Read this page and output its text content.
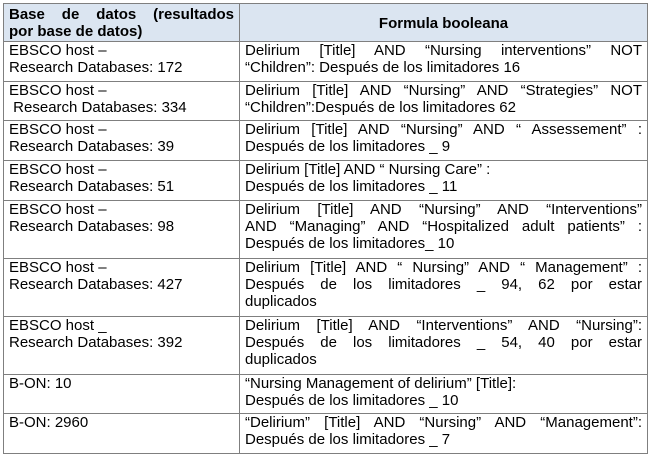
Base de datos (resultados
por base de datos)	Formula booleana

EBSCO host –
Research Databases: 172	Delirium [Title] AND “Nursing interventions” NOT
“Children”: Después de los limitadores 16

EBSCO host –
Research Databases: 334	Delirium [Title] AND “Nursing” AND “Strategies” NOT
“Children”:Después de los limitadores 62

EBSCO host –
Research Databases: 39	Delirium [Title] AND “Nursing” AND “ Assessement” :
Después de los limitadores _ 9

EBSCO host –
Research Databases: 51	Delirium [Title] AND “ Nursing Care” :
Después de los limitadores _ 11

EBSCO host –
Research Databases: 98	Delirium [Title] AND “Nursing” AND “Interventions”
AND “Managing” AND “Hospitalized adult patients” :
Después de los limitadores_ 10

EBSCO host –
Research Databases: 427	Delirium [Title] AND “ Nursing” AND “ Management” :
Después de los limitadores _ 94, 62 por estar
duplicados

EBSCO host _
Research Databases: 392	Delirium [Title] AND “Interventions” AND “Nursing”:
Después de los limitadores _ 54, 40 por estar
duplicados

B-ON: 10	“Nursing Management of delirium” [Title]:
Después de los limitadores _ 10

B-ON: 2960	“Delirium” [Title] AND “Nursing” AND “Management”:
Después de los limitadores _ 7
